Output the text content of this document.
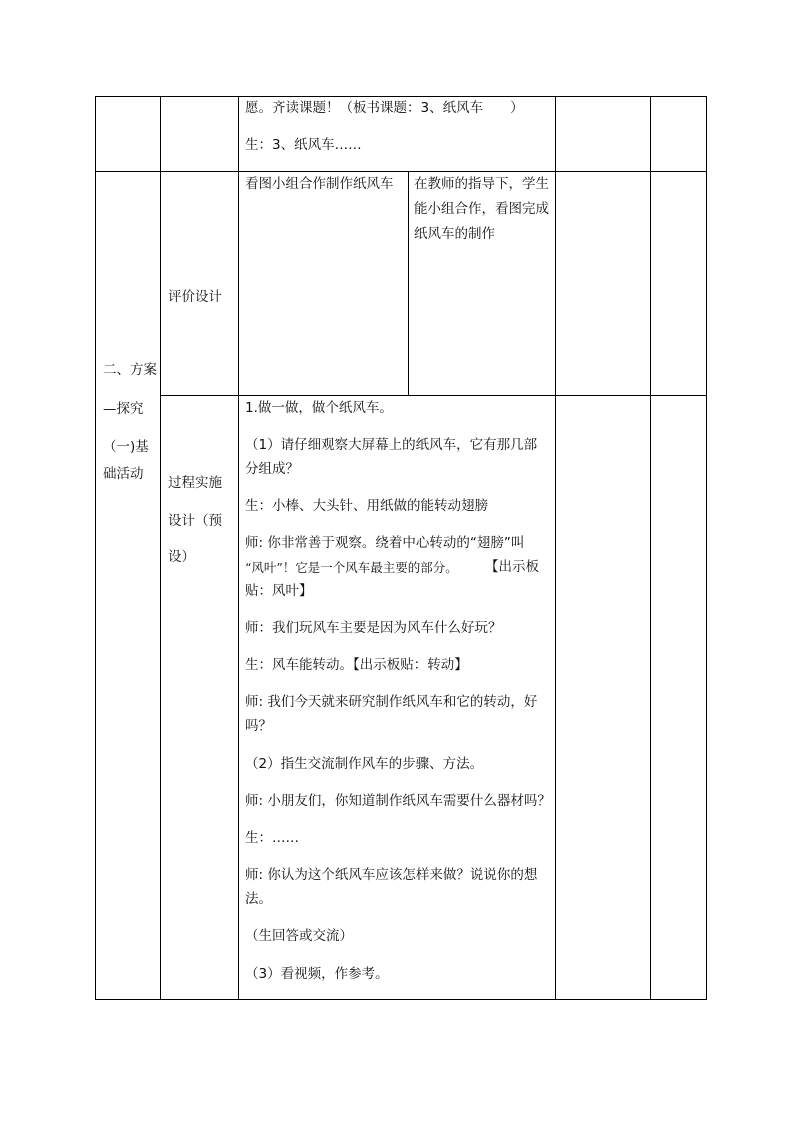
愿。齐读课题！（板书课题：3、纸风车　　）
生：3、纸风车……
二、方案
—探究
（一)基
础活动
评价设计
看图小组合作制作纸风车 在教师的指导下，学生
能小组合作，看图完成
纸风车的制作
过程实施
设计（预
设）
1.做一做，做个纸风车。
（1）请仔细观察大屏幕上的纸风车，它有那几部
分组成？
生：小棒、大头针、用纸做的能转动翅膀
师: 你非常善于观察。绕着中心转动的“翅膀”叫
“风叶”！它是一个风车最主要的部分。 【出示板
贴：风叶】
师：我们玩风车主要是因为风车什么好玩？
生：风车能转动。【出示板贴：转动】
师: 我们今天就来研究制作纸风车和它的转动，好
吗？
（2）指生交流制作风车的步骤、方法。
师: 小朋友们，你知道制作纸风车需要什么器材吗？
生：……
师: 你认为这个纸风车应该怎样来做？说说你的想
法。
（生回答或交流）
（3）看视频，作参考。
